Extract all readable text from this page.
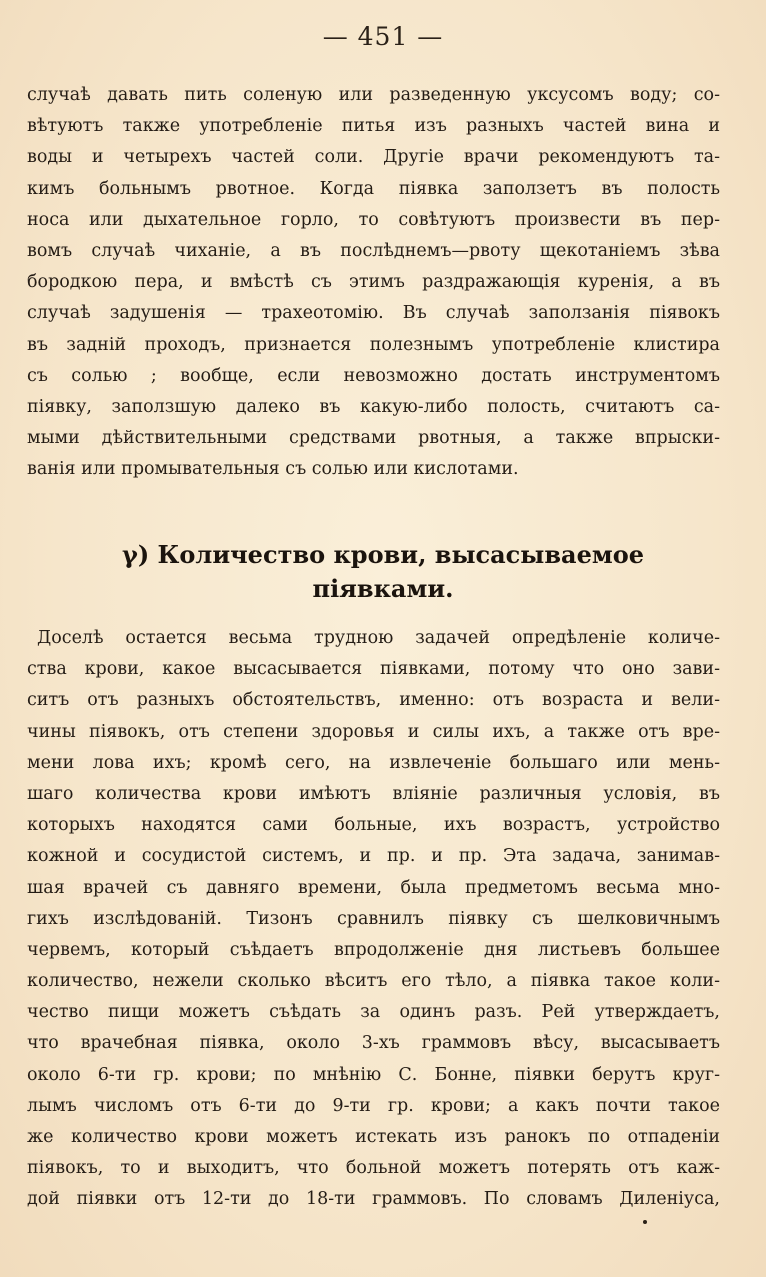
— 451 —
случаѣ давать пить соленую или разведенную уксусомъ воду; со-
вѣтуютъ также употребленіе питья изъ разныхъ частей вина и
воды и четырехъ частей соли. Другіе врачи рекомендуютъ та-
кимъ больнымъ рвотное. Когда піявка заползетъ въ полость
носа или дыхательное горло, то совѣтуютъ произвести въ пер-
вомъ случаѣ чиханіе, а въ послѣднемъ—рвоту щекотаніемъ зѣва
бородкою пера, и вмѣстѣ съ этимъ раздражающія куренія, а въ
случаѣ задушенія — трахеотомію. Въ случаѣ заползанія піявокъ
въ заднiй проходъ, признается полезнымъ употребленіе клистира
съ солью ; вообще, если невозможно достать инструментомъ
піявку, заползшую далеко въ какую-либо полость, считаютъ са-
мыми дѣйствительными средствами рвотныя, а также впрыски-
ванія или промывательныя съ солью или кислотами.
γ) Количество крови, высасываемое
піявками.
Доселѣ остается весьма трудною задачей опредѣленіе количе-
ства крови, какое высасывается піявками, потому что оно зави-
ситъ отъ разныхъ обстоятельствъ, именно: отъ возраста и вели-
чины піявокъ, отъ степени здоровья и силы ихъ, а также отъ вре-
мени лова ихъ; кромѣ сего, на извлеченіе большаго или мень-
шаго количества крови имѣютъ вліяніе различныя условія, въ
которыхъ находятся сами больные, ихъ возрастъ, устройство
кожной и сосудистой системъ, и пр. и пр. Эта задача, занимав-
шая врачей съ давняго времени, была предметомъ весьма мно-
гихъ изслѣдованій. Тизонъ сравнилъ піявку съ шелковичнымъ
червемъ, который съѣдаетъ впродолженіе дня листьевъ большее
количество, нежели сколько вѣситъ его тѣло, а піявка такое коли-
чество пищи можетъ съѣдать за одинъ разъ. Рей утверждаетъ,
что врачебная піявка, около 3-хъ граммовъ вѣсу, высасываетъ
около 6-ти гр. крови; по мнѣнію С. Бонне, піявки берутъ круг-
лымъ числомъ отъ 6-ти до 9-ти гр. крови; а какъ почти такое
же количество крови можетъ истекать изъ ранокъ по отпаденіи
піявокъ, то и выходитъ, что больной можетъ потерять отъ каж-
дой піявки отъ 12-ти до 18-ти граммовъ. По словамъ Диленіуса,
